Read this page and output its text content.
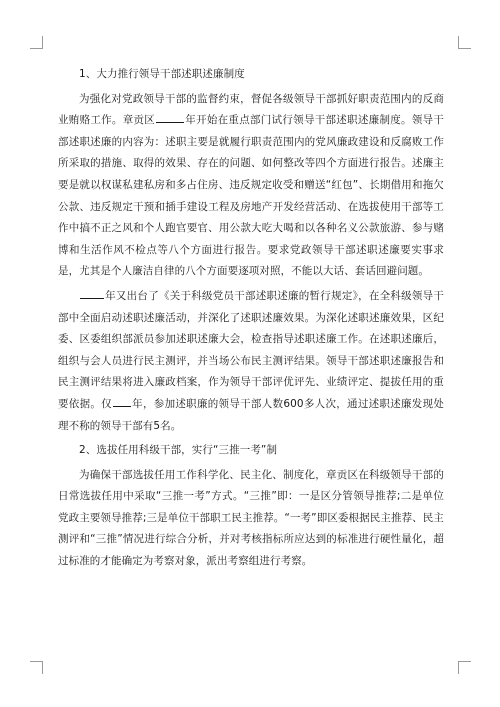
1、大力推行领导干部述职述廉制度

为强化对党政领导干部的监督约束，督促各级领导干部抓好职责范围内的反商业贿赂工作。章贡区	年开始在重点部门试行领导干部述职述廉制度。领导干部述职述廉的内容为：述职主要是就履行职责范围内的党风廉政建设和反腐败工作所采取的措施、取得的效果、存在的问题、如何整改等四个方面进行报告。述廉主要是就以权谋私建私房和多占住房、违反规定收受和赠送“红包”、长期借用和拖欠公款、违反规定干预和插手建设工程及房地产开发经营活动、在选拔使用干部等工作中搞不正之风和个人跑官要官、用公款大吃大喝和以各种名义公款旅游、参与赌博和生活作风不检点等八个方面进行报告。要求党政领导干部述职述廉要实事求是，尤其是个人廉洁自律的八个方面要逐项对照，不能以大话、套话回避问题。

年又出台了《关于科级党员干部述职述廉的暂行规定》，在全科级领导干部中全面启动述职述廉活动，并深化了述职述廉效果。为深化述职述廉效果，区纪委、区委组织部派员参加述职述廉大会，检查指导述职述廉工作。在述职述廉后，组织与会人员进行民主测评，并当场公布民主测评结果。领导干部述职述廉报告和民主测评结果将进入廉政档案，作为领导干部评优评先、业绩评定、提拔任用的重要依据。仅 年，参加述职廉的领导干部人数600多人次，通过述职述廉发现处理不称的领导干部有5名。

2、选拔任用科级干部，实行“三推一考”制

为确保干部选拔任用工作科学化、民主化、制度化，章贡区在科级领导干部的日常选拔任用中采取“三推一考”方式。“三推”即：一是区分管领导推荐;二是单位党政主要领导推荐;三是单位干部职工民主推荐。“一考”即区委根据民主推荐、民主测评和“三推”情况进行综合分析，并对考核指标所应达到的标准进行硬性量化，超过标准的才能确定为考察对象，派出考察组进行考察。
